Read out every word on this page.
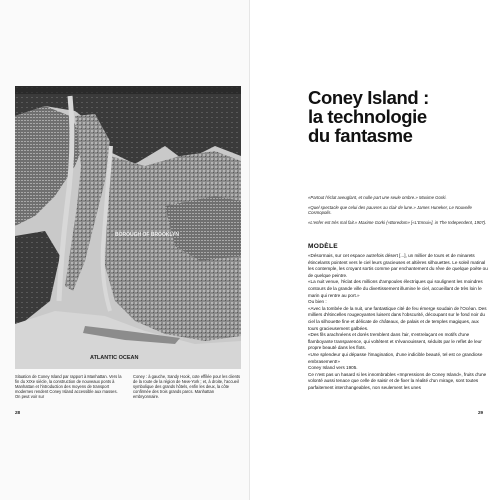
BOROUGH OF BROOKLYN
ATLANTIC OCEAN
Situation de Coney Island par rapport à Manhattan. Vers la fin du XIXe siècle, la construction de nouveaux ponts à Manhattan et l'introduction des moyens de transport modernes rendent Coney Island accessible aux masses. On peut voir sur
Coney : à gauche, Sandy Hook, cote effilée pour les clients de la route de la région de New-York ; et, à droite, l'accueil symbolique des grands hôtels, enfin les deux, la côte confirmée des trois grands parcs. Manhattan embryonnaire.
28
Coney Island :
la technologie
du fantasme

«Partout l'éclat aveuglant, et nulle part une seule ombre.» Maxime Gorki.

«Quel spectacle que celui des pauvres au clair de lune.» James Huneker, Le Nouvelle Cosmopolis.

«L'enfer est très mal fait.» Maxime Gorki («Boredom» [«L'Ennui»], in The Independent, 1907).

MODÈLE

«Désormais, sur cet espace autrefois désert [...], un millier de tours et de minarets étincelants pointent vers le ciel leurs gracieuses et altières silhouettes. Le soleil matinal les contemple, les croyant sortis comme par enchantement du rêve de quelque poète ou de quelque peintre.

«La nuit venue, l'éclat des millions d'ampoules électriques qui soulignent les moindres contours de la grande ville du divertissement illumine le ciel, accueillant de très loin le marin qui rentre au port.»

Ou bien :

«Avec la tombée de la nuit, une fantastique cité de feu émerge soudain de l'Océan. Des milliers d'étincelles rougeoyantes luisent dans l'obscurité, découpant sur le fond noir du ciel la silhouette fine et délicate de châteaux, de palais et de temples magiques, aux tours gracieusement galbées.

«Des fils arachnéens et dorés tremblent dans l'air, s'entrelaçant en motifs d'une flamboyante transparence, qui voltètent et s'évanouissent, séduits par le reflet de leur propre beauté dans les flots.

«Une splendeur qui dépasse l'imagination, d'une indicible beauté, tel est ce grandiose embrasement!»

Coney Island vers 1905.

Ce n'est pas un hasard si les innombrables «Impressions de Coney Island», fruits d'une volonté aussi tenace que celle de saisir et de fixer la réalité d'un mirage, sont toutes parfaitement interchangeables, non seulement les unes

29
